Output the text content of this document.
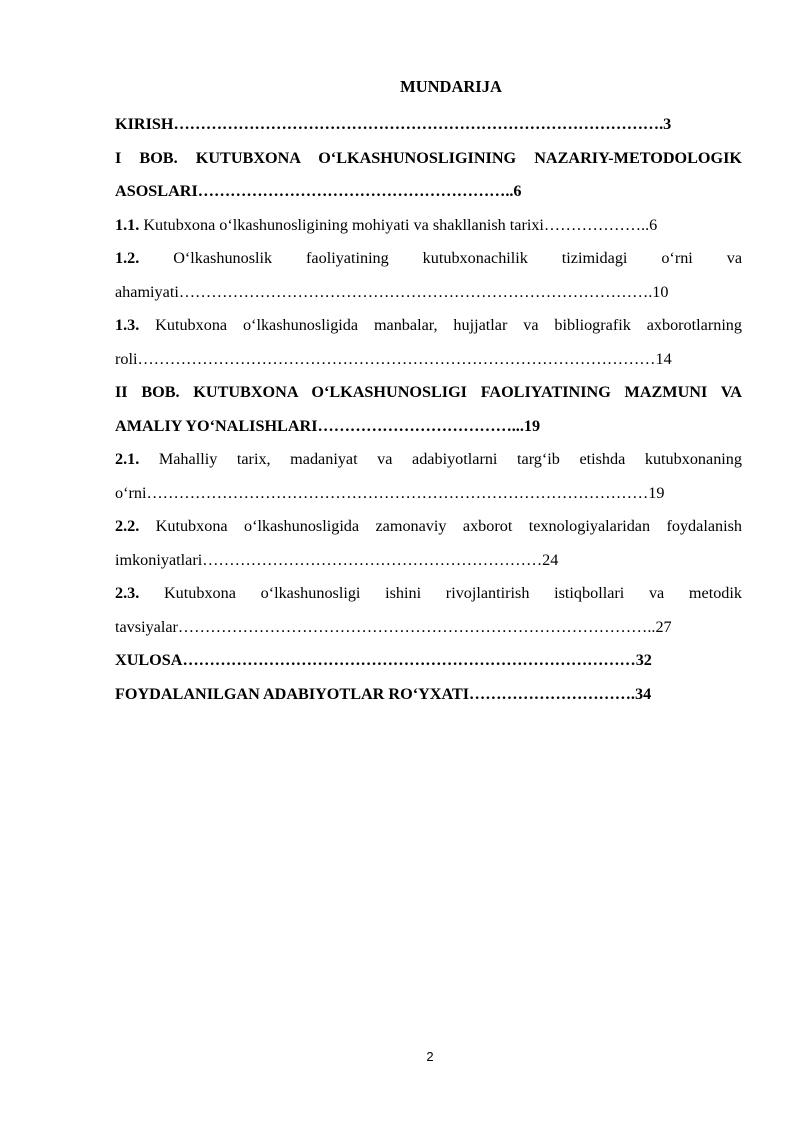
MUNDARIJA

KIRISH……………………………………………………………………………….3

I BOB. KUTUBXONA O‘LKASHUNOSLIGINING NAZARIY-METODOLOGIK ASOSLARI…………………………………………………..6

1.1. Kutubxona o‘lkashunosligining mohiyati va shakllanish tarixi………………..6

1.2. O‘lkashunoslik faoliyatining kutubxonachilik tizimidagi o‘rni va ahamiyati…………………………………………………………………………….10

1.3. Kutubxona o‘lkashunosligida manbalar, hujjatlar va bibliografik axborotlarning roli……………………………………………………………………………………14

II BOB. KUTUBXONA O‘LKASHUNOSLIGI FAOLIYATINING MAZMUNI VA AMALIY YO‘NALISHLARI………………………………...19

2.1. Mahalliy tarix, madaniyat va adabiyotlarni targ‘ib etishda kutubxonaning o‘rni…………………………………………………………………………………19

2.2. Kutubxona o‘lkashunosligida zamonaviy axborot texnologiyalaridan foydalanish imkoniyatlari………………………………………………………24

2.3. Kutubxona o‘lkashunosligi ishini rivojlantirish istiqbollari va metodik tavsiyalar……………………………………………………………………………..27

XULOSA…………………………………………………………………………32

FOYDALANILGAN ADABIYOTLAR RO‘YXATI………………………….34

2
